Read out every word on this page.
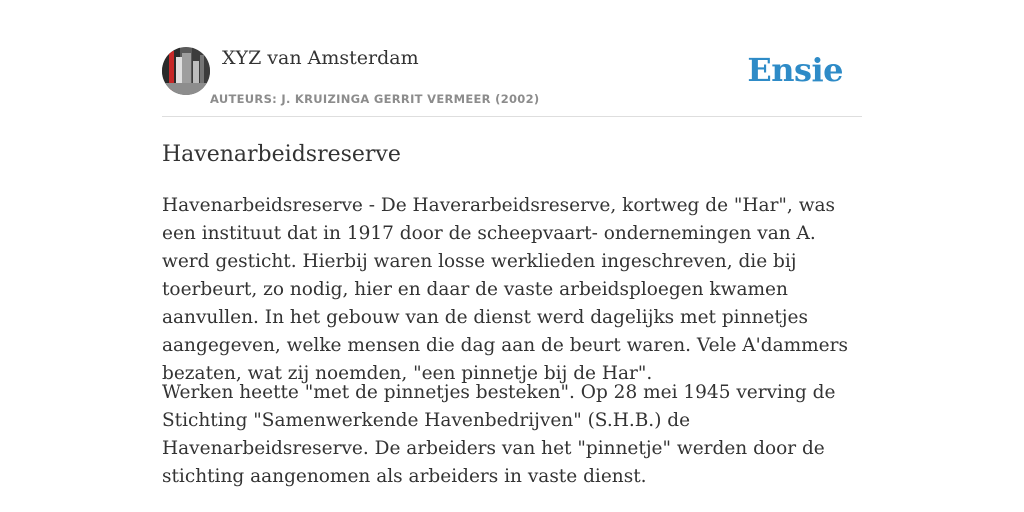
XYZ van Amsterdam
AUTEURS: J. KRUIZINGA GERRIT VERMEER (2002)
Ensie
Havenarbeidsreserve

Havenarbeidsreserve - De Haverarbeidsreserve, kortweg de "Har", was een instituut dat in 1917 door de scheepvaart- ondernemingen van A. werd gesticht. Hierbij waren losse werklieden ingeschreven, die bij toerbeurt, zo nodig, hier en daar de vaste arbeidsploegen kwamen aanvullen. In het gebouw van de dienst werd dagelijks met pinnetjes aangegeven, welke mensen die dag aan de beurt waren. Vele A'dammers bezaten, wat zij noemden, "een pinnetje bij de Har".

Werken heette "met de pinnetjes besteken". Op 28 mei 1945 verving de Stichting "Samenwerkende Havenbedrijven" (S.H.B.) de Havenarbeidsreserve. De arbeiders van het "pinnetje" werden door de stichting aangenomen als arbeiders in vaste dienst.
